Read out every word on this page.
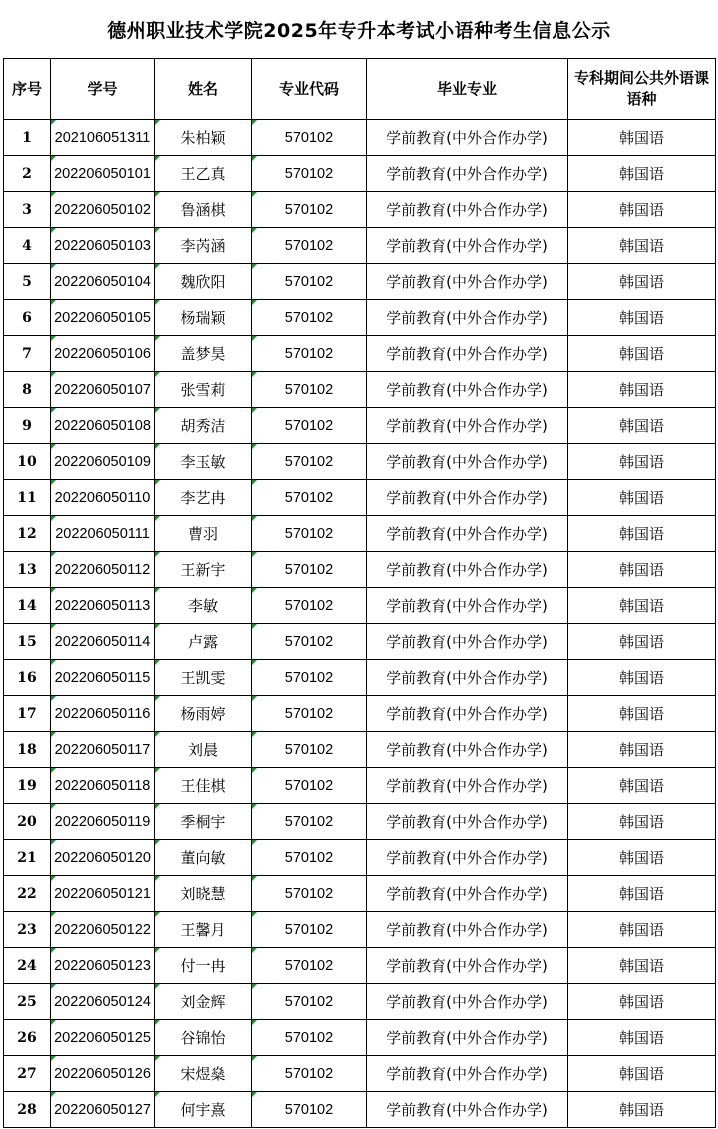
德州职业技术学院2025年专升本考试小语种考生信息公示
序号	学号	姓名	专业代码	毕业专业	专科期间公共外语课语种
1	202106051311	朱柏颖	570102	学前教育(中外合作办学)	韩国语
2	202206050101	王乙真	570102	学前教育(中外合作办学)	韩国语
3	202206050102	鲁涵棋	570102	学前教育(中外合作办学)	韩国语
4	202206050103	李芮涵	570102	学前教育(中外合作办学)	韩国语
5	202206050104	魏欣阳	570102	学前教育(中外合作办学)	韩国语
6	202206050105	杨瑞颖	570102	学前教育(中外合作办学)	韩国语
7	202206050106	盖梦昊	570102	学前教育(中外合作办学)	韩国语
8	202206050107	张雪莉	570102	学前教育(中外合作办学)	韩国语
9	202206050108	胡秀洁	570102	学前教育(中外合作办学)	韩国语
10	202206050109	李玉敏	570102	学前教育(中外合作办学)	韩国语
11	202206050110	李艺冉	570102	学前教育(中外合作办学)	韩国语
12	202206050111	曹羽	570102	学前教育(中外合作办学)	韩国语
13	202206050112	王新宇	570102	学前教育(中外合作办学)	韩国语
14	202206050113	李敏	570102	学前教育(中外合作办学)	韩国语
15	202206050114	卢露	570102	学前教育(中外合作办学)	韩国语
16	202206050115	王凯雯	570102	学前教育(中外合作办学)	韩国语
17	202206050116	杨雨婷	570102	学前教育(中外合作办学)	韩国语
18	202206050117	刘晨	570102	学前教育(中外合作办学)	韩国语
19	202206050118	王佳棋	570102	学前教育(中外合作办学)	韩国语
20	202206050119	季桐宇	570102	学前教育(中外合作办学)	韩国语
21	202206050120	董向敏	570102	学前教育(中外合作办学)	韩国语
22	202206050121	刘晓慧	570102	学前教育(中外合作办学)	韩国语
23	202206050122	王馨月	570102	学前教育(中外合作办学)	韩国语
24	202206050123	付一冉	570102	学前教育(中外合作办学)	韩国语
25	202206050124	刘金辉	570102	学前教育(中外合作办学)	韩国语
26	202206050125	谷锦怡	570102	学前教育(中外合作办学)	韩国语
27	202206050126	宋煜燊	570102	学前教育(中外合作办学)	韩国语
28	202206050127	何宇熹	570102	学前教育(中外合作办学)	韩国语
